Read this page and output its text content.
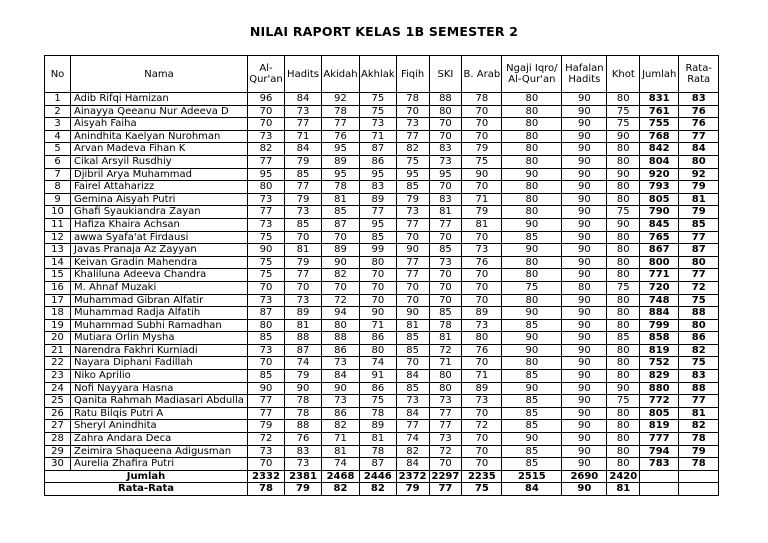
NILAI RAPORT KELAS 1B SEMESTER 2
No	Nama	Al-Qur'an	Hadits	Akidah	Akhlak	Fiqih	SKI	B. Arab	Ngaji Iqro/ Al-Qur'an	Hafalan Hadits	Khot	Jumlah	Rata-Rata
1	Adib Rifqi Hamizan	96	84	92	75	78	88	78	80	90	80	831	83
2	Ainayya Qeeanu Nur Adeeva D	70	73	78	75	70	80	70	80	90	75	761	76
3	Aisyah Faiha	70	77	77	73	73	70	70	80	90	75	755	76
4	Anindhita Kaelyan Nurohman	73	71	76	71	77	70	70	80	90	90	768	77
5	Arvan Madeva Fihan K	82	84	95	87	82	83	79	80	90	80	842	84
6	Cikal Arsyil Rusdhiy	77	79	89	86	75	73	75	80	90	80	804	80
7	Djibril Arya Muhammad	95	85	95	95	95	95	90	90	90	90	920	92
8	Fairel Attaharizz	80	77	78	83	85	70	70	80	90	80	793	79
9	Gemina Aisyah Putri	73	79	81	89	79	83	71	80	90	80	805	81
10	Ghafi Syaukiandra Zayan	77	73	85	77	73	81	79	80	90	75	790	79
11	Hafiza Khaira Achsan	73	85	87	95	77	77	81	90	90	90	845	85
12	awwa Syafa'at Firdausi	75	70	70	85	70	70	70	85	90	80	765	77
13	Javas Pranaja Az Zayyan	90	81	89	99	90	85	73	90	90	80	867	87
14	Keivan Gradin Mahendra	75	79	90	80	77	73	76	80	90	80	800	80
15	Khaliluna Adeeva Chandra	75	77	82	70	77	70	70	80	90	80	771	77
16	M. Ahnaf Muzaki	70	70	70	70	70	70	70	75	80	75	720	72
17	Muhammad Gibran Alfatir	73	73	72	70	70	70	70	80	90	80	748	75
18	Muhammad Radja Alfatih	87	89	94	90	90	85	89	90	90	80	884	88
19	Muhammad Subhi Ramadhan	80	81	80	71	81	78	73	85	90	80	799	80
20	Mutiara Orlin Mysha	85	88	88	86	85	81	80	90	90	85	858	86
21	Narendra Fakhri Kurniadi	73	87	86	80	85	72	76	90	90	80	819	82
22	Nayara Diphani Fadillah	70	74	73	74	70	71	70	80	90	80	752	75
23	Niko Aprilio	85	79	84	91	84	80	71	85	90	80	829	83
24	Nofi Nayyara Hasna	90	90	90	86	85	80	89	90	90	90	880	88
25	Qanita Rahmah Madiasari Abdulla	77	78	73	75	73	73	73	85	90	75	772	77
26	Ratu Bilqis Putri A	77	78	86	78	84	77	70	85	90	80	805	81
27	Sheryl Anindhita	79	88	82	89	77	77	72	85	90	80	819	82
28	Zahra Andara Deca	72	76	71	81	74	73	70	90	90	80	777	78
29	Zeimira Shaqueena Adigusman	73	83	81	78	82	72	70	85	90	80	794	79
30	Aurelia Zhafira Putri	70	73	74	87	84	70	70	85	90	80	783	78
Jumlah		2332	2381	2468	2446	2372	2297	2235	2515	2690	2420		
Rata-Rata		78	79	82	82	79	77	75	84	90	81		
